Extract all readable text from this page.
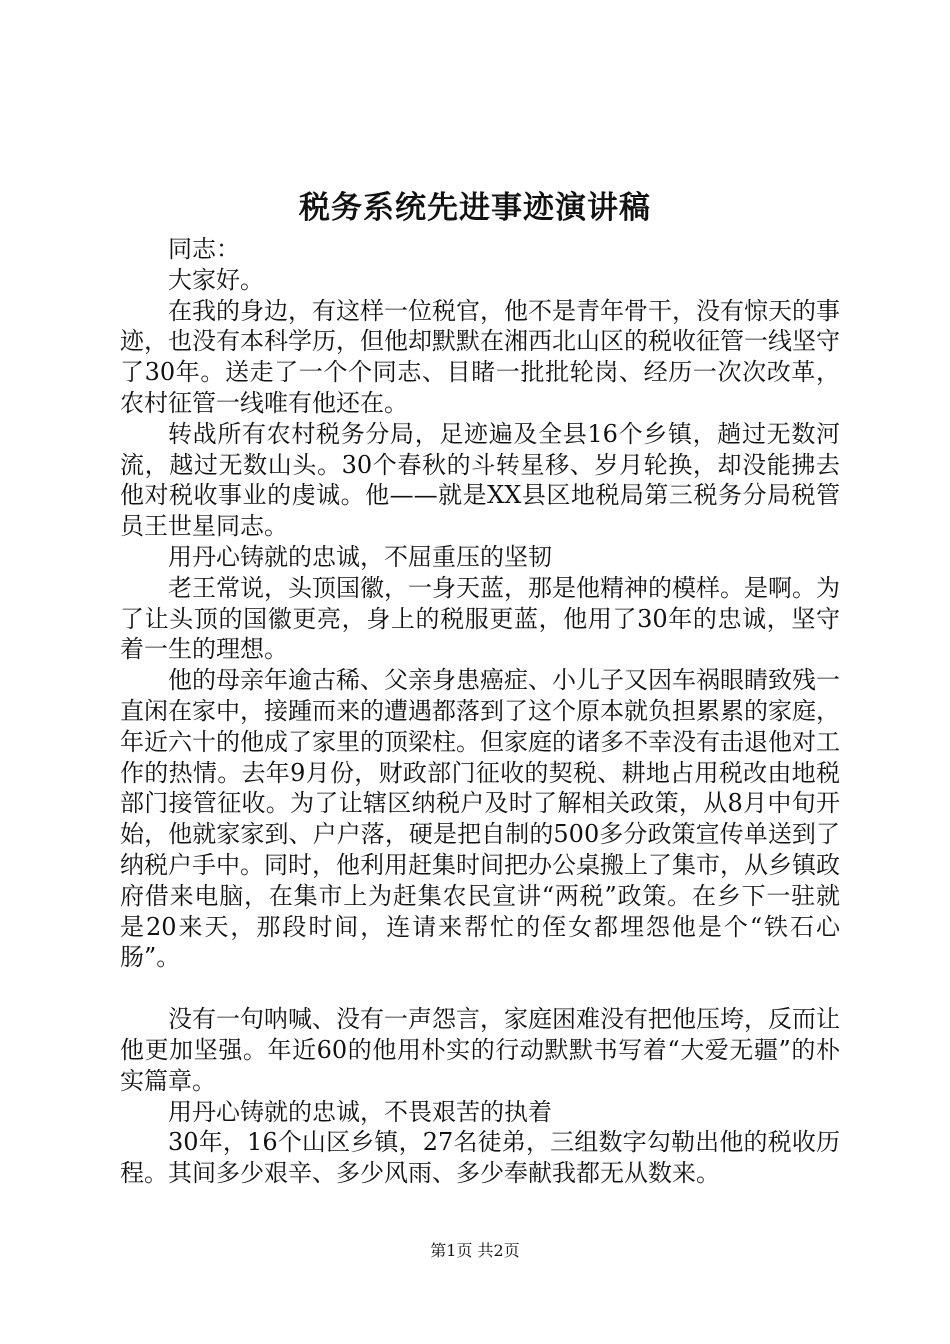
税务系统先进事迹演讲稿

同志：

大家好。

在我的身边，有这样一位税官，他不是青年骨干，没有惊天的事迹，也没有本科学历，但他却默默在湘西北山区的税收征管一线坚守了30年。送走了一个个同志、目睹一批批轮岗、经历一次次改革，农村征管一线唯有他还在。

转战所有农村税务分局，足迹遍及全县16个乡镇，趟过无数河流，越过无数山头。30个春秋的斗转星移、岁月轮换，却没能拂去他对税收事业的虔诚。他——就是XX县区地税局第三税务分局税管员王世星同志。

用丹心铸就的忠诚，不屈重压的坚韧

老王常说，头顶国徽，一身天蓝，那是他精神的模样。是啊。为了让头顶的国徽更亮，身上的税服更蓝，他用了30年的忠诚，坚守着一生的理想。

他的母亲年逾古稀、父亲身患癌症、小儿子又因车祸眼睛致残一直闲在家中，接踵而来的遭遇都落到了这个原本就负担累累的家庭，年近六十的他成了家里的顶梁柱。但家庭的诸多不幸没有击退他对工作的热情。去年9月份，财政部门征收的契税、耕地占用税改由地税部门接管征收。为了让辖区纳税户及时了解相关政策，从8月中旬开始，他就家家到、户户落，硬是把自制的500多分政策宣传单送到了纳税户手中。同时，他利用赶集时间把办公桌搬上了集市，从乡镇政府借来电脑，在集市上为赶集农民宣讲“两税”政策。在乡下一驻就是20来天，那段时间，连请来帮忙的侄女都埋怨他是个“铁石心肠”。

没有一句呐喊、没有一声怨言，家庭困难没有把他压垮，反而让他更加坚强。年近60的他用朴实的行动默默书写着“大爱无疆”的朴实篇章。

用丹心铸就的忠诚，不畏艰苦的执着

30年，16个山区乡镇，27名徒弟，三组数字勾勒出他的税收历程。其间多少艰辛、多少风雨、多少奉献我都无从数来。

第1页 共2页
